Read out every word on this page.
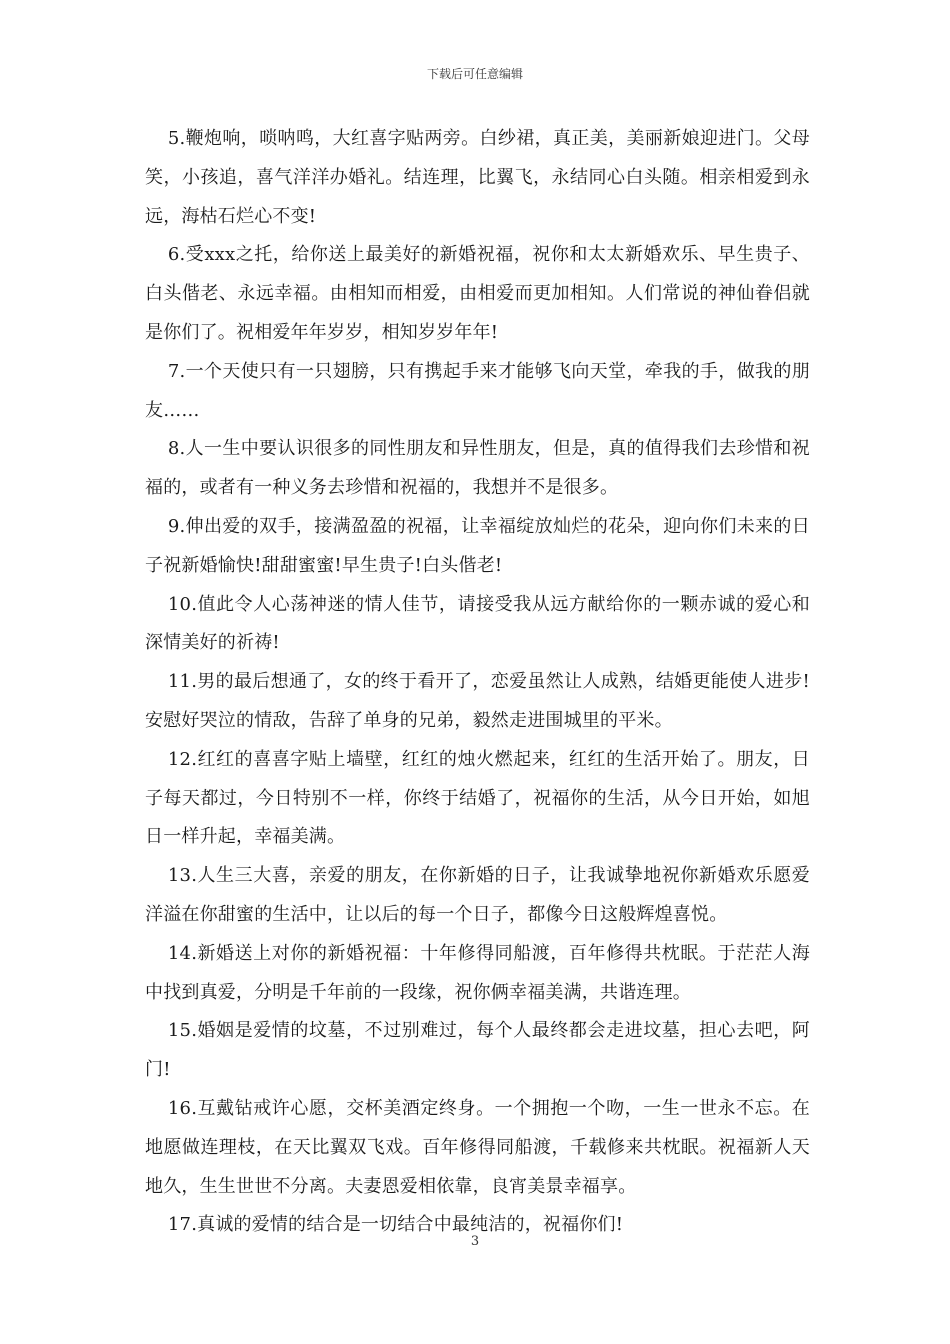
下载后可任意编辑

5.鞭炮响，唢呐鸣，大红喜字贴两旁。白纱裙，真正美，美丽新娘迎进门。父母笑，小孩追，喜气洋洋办婚礼。结连理，比翼飞，永结同心白头随。相亲相爱到永远，海枯石烂心不变!

6.受xxx之托，给你送上最美好的新婚祝福，祝你和太太新婚欢乐、早生贵子、白头偕老、永远幸福。由相知而相爱，由相爱而更加相知。人们常说的神仙眷侣就是你们了。祝相爱年年岁岁，相知岁岁年年!

7.一个天使只有一只翅膀，只有携起手来才能够飞向天堂，牵我的手，做我的朋友……

8.人一生中要认识很多的同性朋友和异性朋友，但是，真的值得我们去珍惜和祝福的，或者有一种义务去珍惜和祝福的，我想并不是很多。

9.伸出爱的双手，接满盈盈的祝福，让幸福绽放灿烂的花朵，迎向你们未来的日子祝新婚愉快!甜甜蜜蜜!早生贵子!白头偕老!

10.值此令人心荡神迷的情人佳节，请接受我从远方献给你的一颗赤诚的爱心和深情美好的祈祷!

11.男的最后想通了，女的终于看开了，恋爱虽然让人成熟，结婚更能使人进步!安慰好哭泣的情敌，告辞了单身的兄弟，毅然走进围城里的平米。

12.红红的喜喜字贴上墙壁，红红的烛火燃起来，红红的生活开始了。朋友，日子每天都过，今日特别不一样，你终于结婚了，祝福你的生活，从今日开始，如旭日一样升起，幸福美满。

13.人生三大喜，亲爱的朋友，在你新婚的日子，让我诚挚地祝你新婚欢乐愿爱洋溢在你甜蜜的生活中，让以后的每一个日子，都像今日这般辉煌喜悦。

14.新婚送上对你的新婚祝福：十年修得同船渡，百年修得共枕眠。于茫茫人海中找到真爱，分明是千年前的一段缘，祝你俩幸福美满，共谐连理。

15.婚姻是爱情的坟墓，不过别难过，每个人最终都会走进坟墓，担心去吧，阿门!

16.互戴钻戒许心愿，交杯美酒定终身。一个拥抱一个吻，一生一世永不忘。在地愿做连理枝，在天比翼双飞戏。百年修得同船渡，千载修来共枕眠。祝福新人天地久，生生世世不分离。夫妻恩爱相依靠，良宵美景幸福享。

17.真诚的爱情的结合是一切结合中最纯洁的，祝福你们!

3
